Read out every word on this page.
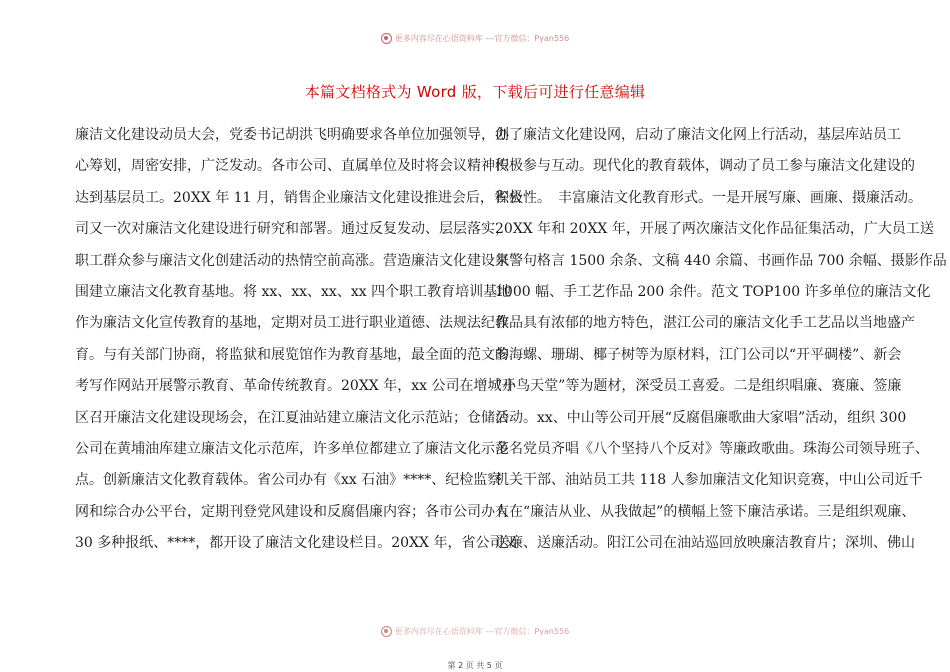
更多内容尽在心语资料库 ---官方微信：Pyan556
本篇文档格式为 Word 版，下载后可进行任意编辑
廉洁文化建设动员大会，党委书记胡洪飞明确要求各单位加强领导，创
心筹划，周密安排，广泛发动。各市公司、直属单位及时将会议精神传
达到基层员工。20XX 年 11 月，销售企业廉洁文化建设推进会后，省公
司又一次对廉洁文化建设进行研究和部署。通过反复发动、层层落实，
职工群众参与廉洁文化创建活动的热情空前高涨。营造廉洁文化建设氛
围建立廉洁文化教育基地。将 xx、xx、xx、xx 四个职工教育培训基地
作为廉洁文化宣传教育的基地，定期对员工进行职业道德、法规法纪教
育。与有关部门协商，将监狱和展览馆作为教育基地，最全面的范文参
考写作网站开展警示教育、革命传统教育。20XX 年，xx 公司在增城开
区召开廉洁文化建设现场会，在江夏油站建立廉洁文化示范站；仓储公
公司在黄埔油库建立廉洁文化示范库，许多单位都建立了廉洁文化示范
点。创新廉洁文化教育载体。省公司办有《xx 石油》****、纪检监察
网和综合办公平台，定期刊登党风建设和反腐倡廉内容；各市公司办有
30 多种报纸、****，都开设了廉洁文化建设栏目。20XX 年，省公司又
办了廉洁文化建设网，启动了廉洁文化网上行活动，基层库站员工
积极参与互动。现代化的教育载体，调动了员工参与廉洁文化建设的
积极性。　丰富廉洁文化教育形式。一是开展写廉、画廉、摄廉活动。
20XX 年和 20XX 年，开展了两次廉洁文化作品征集活动，广大员工送
来警句格言 1500 余条、文稿 440 余篇、书画作品 700 余幅、摄影作品
1000 幅、手工艺作品 200 余件。范文 TOP100 许多单位的廉洁文化
作品具有浓郁的地方特色，湛江公司的廉洁文化手工艺品以当地盛产
的海螺、珊瑚、椰子树等为原材料，江门公司以“开平碉楼”、新会
“小鸟天堂”等为题材，深受员工喜爱。二是组织唱廉、赛廉、签廉
活动。xx、中山等公司开展“反腐倡廉歌曲大家唱”活动，组织 300
多名党员齐唱《八个坚持八个反对》等廉政歌曲。珠海公司领导班子、
机关干部、油站员工共 118 人参加廉洁文化知识竞赛，中山公司近千
人在“廉洁从业、从我做起”的横幅上签下廉洁承诺。三是组织观廉、
送廉、送廉活动。阳江公司在油站巡回放映廉洁教育片；深圳、佛山
更多内容尽在心语资料库 ---官方微信：Pyan556
第 2 页 共 5 页
